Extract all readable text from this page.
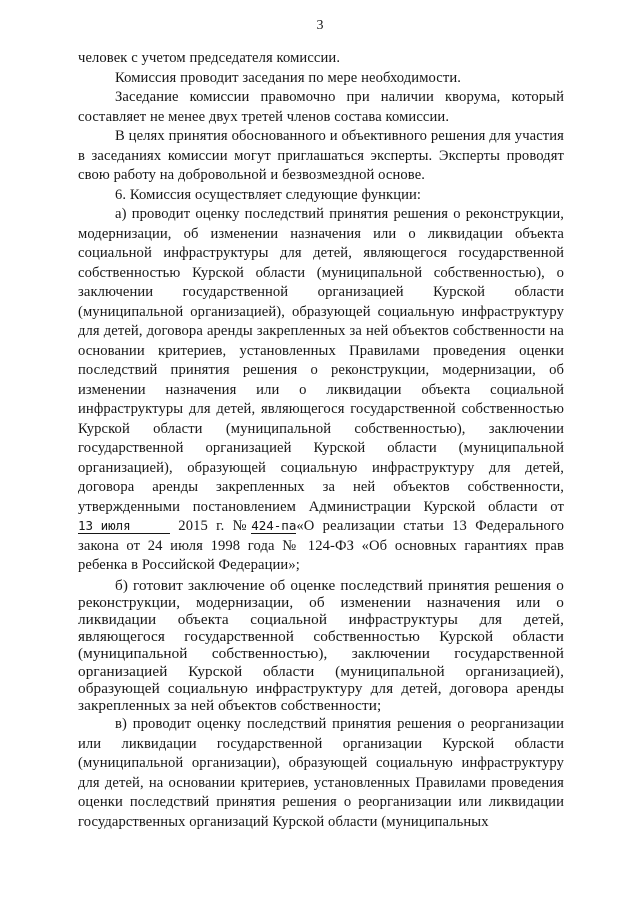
3

человек с учетом председателя комиссии.

Комиссия проводит заседания по мере необходимости.

Заседание комиссии правомочно при наличии кворума, который составляет не менее двух третей членов состава комиссии.

В целях принятия обоснованного и объективного решения для участия в заседаниях комиссии могут приглашаться эксперты. Эксперты проводят свою работу на добровольной и безвозмездной основе.

6. Комиссия осуществляет следующие функции:

а) проводит оценку последствий принятия решения о реконструкции, модернизации, об изменении назначения или о ликвидации объекта социальной инфраструктуры для детей, являющегося государственной собственностью Курской области (муниципальной собственностью), о заключении государственной организацией Курской области (муниципальной организацией), образующей социальную инфраструктуру для детей, договора аренды закрепленных за ней объектов собственности на основании критериев, установленных Правилами проведения оценки последствий принятия решения о реконструкции, модернизации, об изменении назначения или о ликвидации объекта социальной инфраструктуры для детей, являющегося государственной собственностью Курской области (муниципальной собственностью), заключении государственной организацией Курской области (муниципальной организацией), образующей социальную инфраструктуру для детей, договора аренды закрепленных за ней объектов собственности, утвержденными постановлением Администрации Курской области от 13 июля	2015 г. №424-па«О реализации статьи 13 Федерального закона от 24 июля 1998 года № 124-ФЗ «Об основных гарантиях прав ребенка в Российской Федерации»;

б) готовит заключение об оценке последствий принятия решения о реконструкции, модернизации, об изменении назначения или о ликвидации объекта социальной инфраструктуры для детей, являющегося государственной собственностью Курской области (муниципальной собственностью), заключении государственной организацией Курской области (муниципальной организацией), образующей социальную инфраструктуру для детей, договора аренды закрепленных за ней объектов собственности;

в) проводит оценку последствий принятия решения о реорганизации или ликвидации государственной организации Курской области (муниципальной организации), образующей социальную инфраструктуру для детей, на основании критериев, установленных Правилами проведения оценки последствий принятия решения о реорганизации или ликвидации государственных организаций Курской области (муниципальных
